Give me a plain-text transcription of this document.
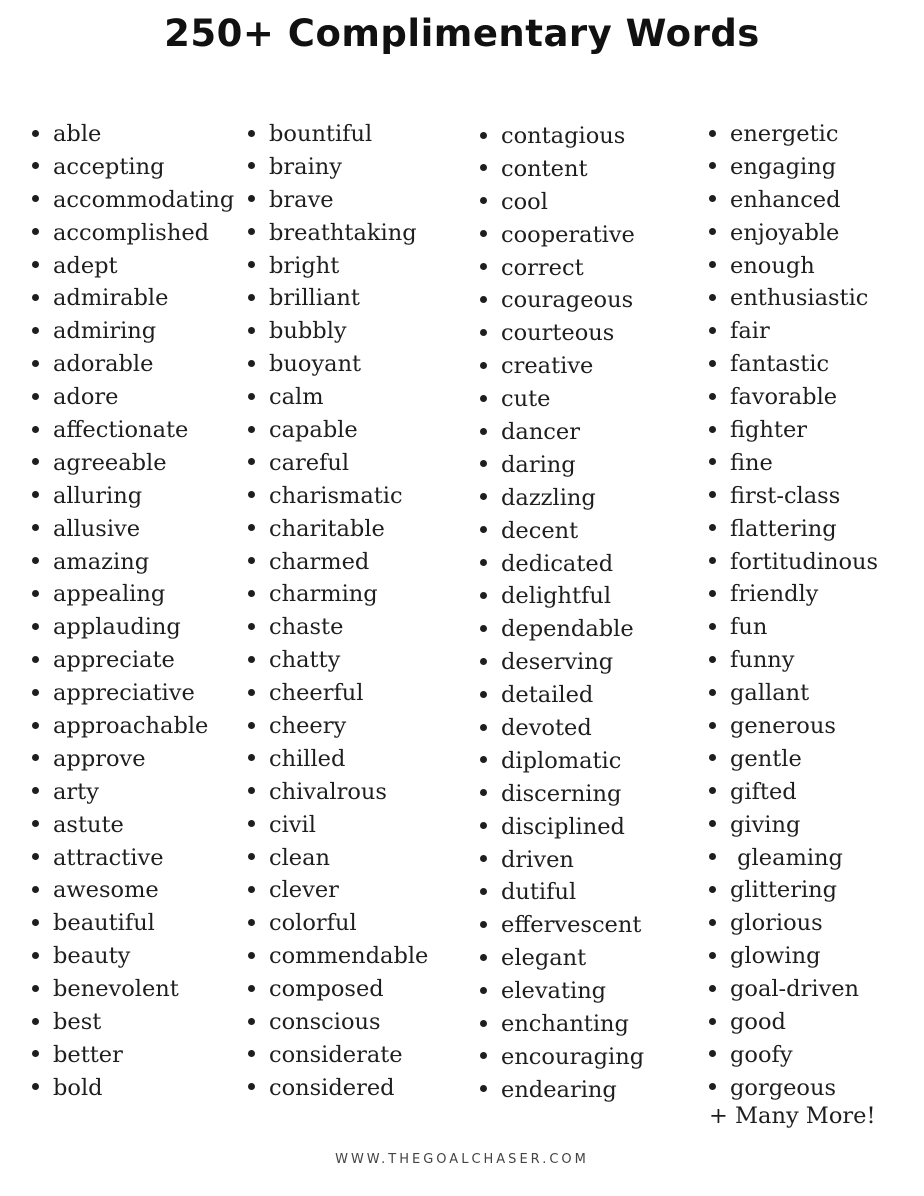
250+ Complimentary Words
able
accepting
accommodating
accomplished
adept
admirable
admiring
adorable
adore
affectionate
agreeable
alluring
allusive
amazing
appealing
applauding
appreciate
appreciative
approachable
approve
arty
astute
attractive
awesome
beautiful
beauty
benevolent
best
better
bold
bountiful
brainy
brave
breathtaking
bright
brilliant
bubbly
buoyant
calm
capable
careful
charismatic
charitable
charmed
charming
chaste
chatty
cheerful
cheery
chilled
chivalrous
civil
clean
clever
colorful
commendable
composed
conscious
considerate
considered
contagious
content
cool
cooperative
correct
courageous
courteous
creative
cute
dancer
daring
dazzling
decent
dedicated
delightful
dependable
deserving
detailed
devoted
diplomatic
discerning
disciplined
driven
dutiful
effervescent
elegant
elevating
enchanting
encouraging
endearing
energetic
engaging
enhanced
enjoyable
enough
enthusiastic
fair
fantastic
favorable
fighter
fine
first-class
flattering
fortitudinous
friendly
fun
funny
gallant
generous
gentle
gifted
giving
gleaming
glittering
glorious
glowing
goal-driven
good
goofy
gorgeous
+ Many More!
WWW.THEGOALCHASER.COM
